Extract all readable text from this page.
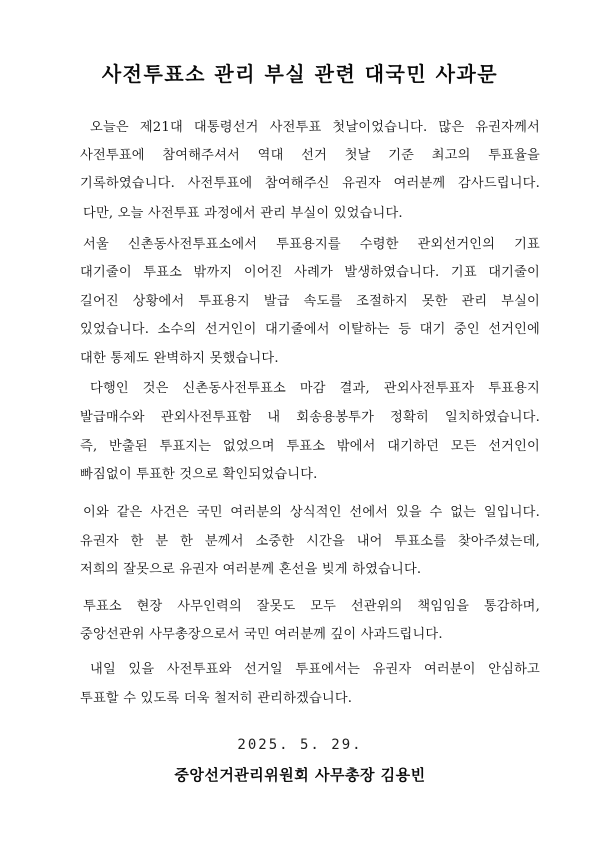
사전투표소 관리 부실 관련 대국민 사과문
오늘은 제21대 대통령선거 사전투표 첫날이었습니다. 많은 유권자께서
사전투표에 참여해주셔서 역대 선거 첫날 기준 최고의 투표율을
기록하였습니다. 사전투표에 참여해주신 유권자 여러분께 감사드립니다.
다만, 오늘 사전투표 과정에서 관리 부실이 있었습니다.
서울 신촌동사전투표소에서 투표용지를 수령한 관외선거인의 기표
대기줄이 투표소 밖까지 이어진 사례가 발생하였습니다. 기표 대기줄이
길어진 상황에서 투표용지 발급 속도를 조절하지 못한 관리 부실이
있었습니다. 소수의 선거인이 대기줄에서 이탈하는 등 대기 중인 선거인에
대한 통제도 완벽하지 못했습니다.
다행인 것은 신촌동사전투표소 마감 결과, 관외사전투표자 투표용지
발급매수와 관외사전투표함 내 회송용봉투가 정확히 일치하였습니다.
즉, 반출된 투표지는 없었으며 투표소 밖에서 대기하던 모든 선거인이
빠짐없이 투표한 것으로 확인되었습니다.
이와 같은 사건은 국민 여러분의 상식적인 선에서 있을 수 없는 일입니다.
유권자 한 분 한 분께서 소중한 시간을 내어 투표소를 찾아주셨는데,
저희의 잘못으로 유권자 여러분께 혼선을 빚게 하였습니다.
투표소 현장 사무인력의 잘못도 모두 선관위의 책임임을 통감하며,
중앙선관위 사무총장으로서 국민 여러분께 깊이 사과드립니다.
내일 있을 사전투표와 선거일 투표에서는 유권자 여러분이 안심하고
투표할 수 있도록 더욱 철저히 관리하겠습니다.
2025. 5. 29.
중앙선거관리위원회 사무총장 김용빈
